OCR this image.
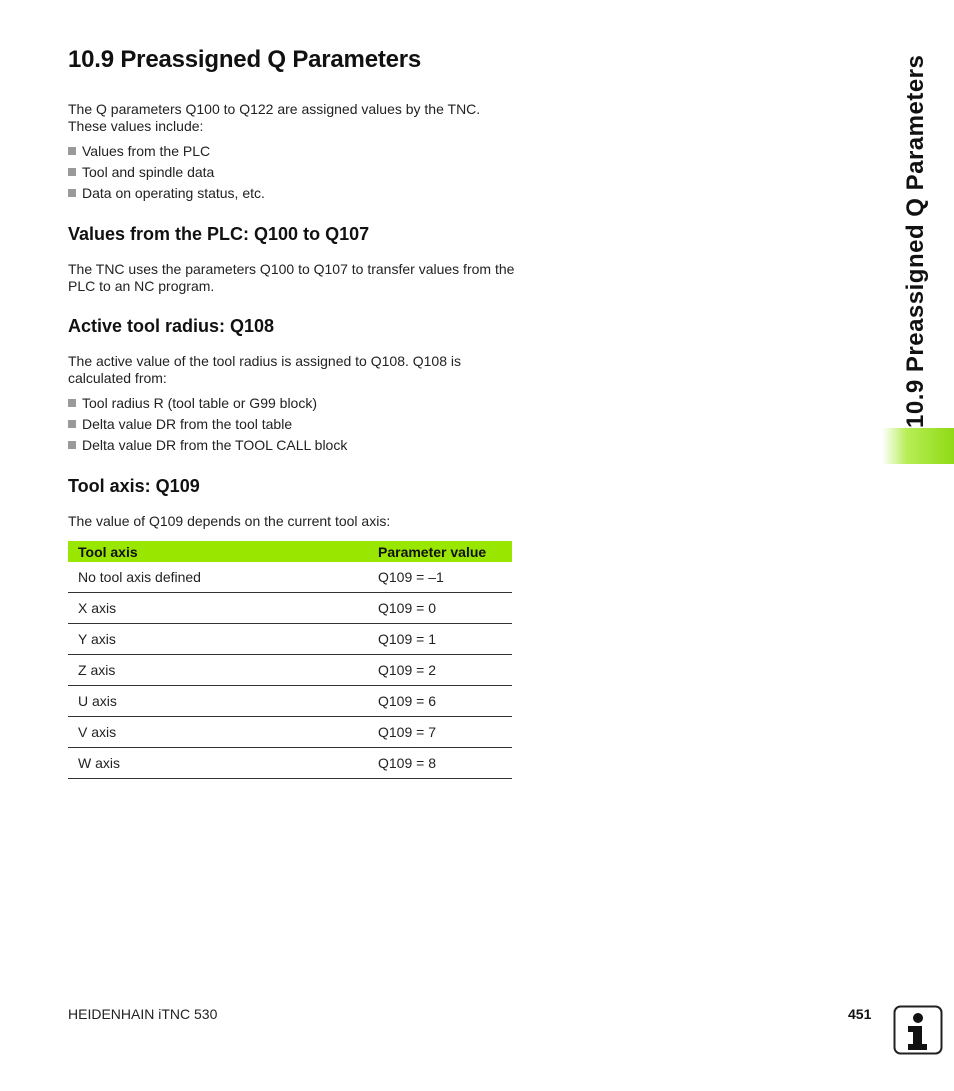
10.9 Preassigned Q Parameters

The Q parameters Q100 to Q122 are assigned values by the TNC. These values include:

Values from the PLC
Tool and spindle data
Data on operating status, etc.
Values from the PLC: Q100 to Q107

The TNC uses the parameters Q100 to Q107 to transfer values from the PLC to an NC program.

Active tool radius: Q108

The active value of the tool radius is assigned to Q108. Q108 is calculated from:

Tool radius R (tool table or G99 block)
Delta value DR from the tool table
Delta value DR from the TOOL CALL block
Tool axis: Q109

The value of Q109 depends on the current tool axis:

Tool axis	Parameter value
No tool axis defined	Q109 = –1
X axis	Q109 = 0
Y axis	Q109 = 1
Z axis	Q109 = 2
U axis	Q109 = 6
V axis	Q109 = 7
W axis	Q109 = 8
10.9 Preassigned Q Parameters
HEIDENHAIN iTNC 530	451
